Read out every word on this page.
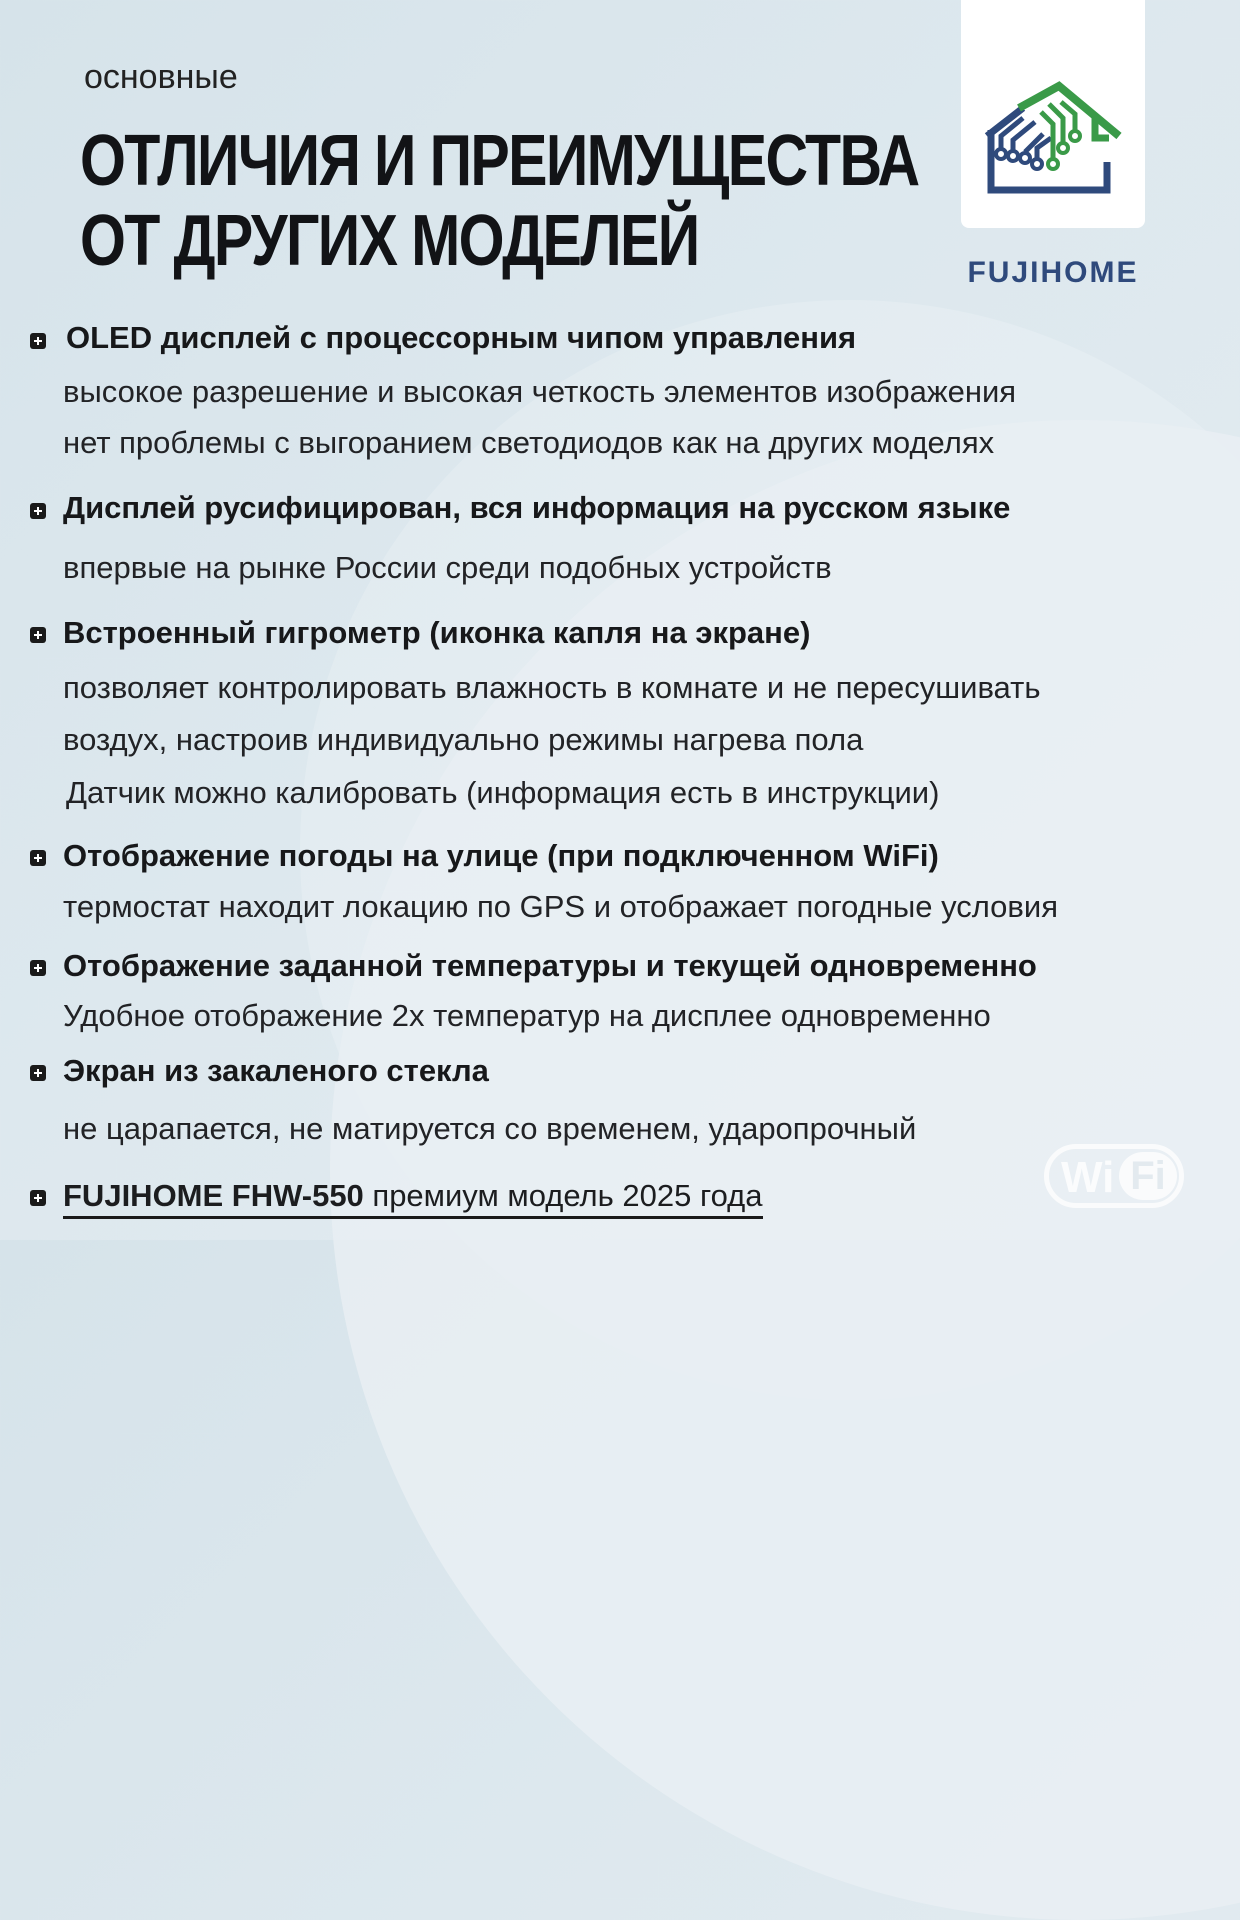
основные
ОТЛИЧИЯ И ПРЕИМУЩЕСТВА
ОТ ДРУГИХ МОДЕЛЕЙ	FUJIHOME
OLED дисплей с процессорным чипом управления
высокое разрешение и высокая четкость элементов изображения
нет проблемы с выгоранием светодиодов как на других моделях
Дисплей русифицирован, вся информация на русском языке
впервые на рынке России среди подобных устройств
Встроенный гигрометр (иконка капля на экране)
позволяет контролировать влажность в комнате и не пересушивать
воздух, настроив индивидуально режимы нагрева пола
Датчик можно калибровать (информация есть в инструкции)
Отображение погоды на улице (при подключенном WiFi)
термостат находит локацию по GPS и отображает погодные условия
Отображение заданной температуры и текущей одновременно
Удобное отображение 2х температур на дисплее одновременно
Экран из закаленого стекла
не царапается, не матируется со временем, ударопрочный
FUJIHOME FHW-550 премиум модель 2025 года	Wi Fi
